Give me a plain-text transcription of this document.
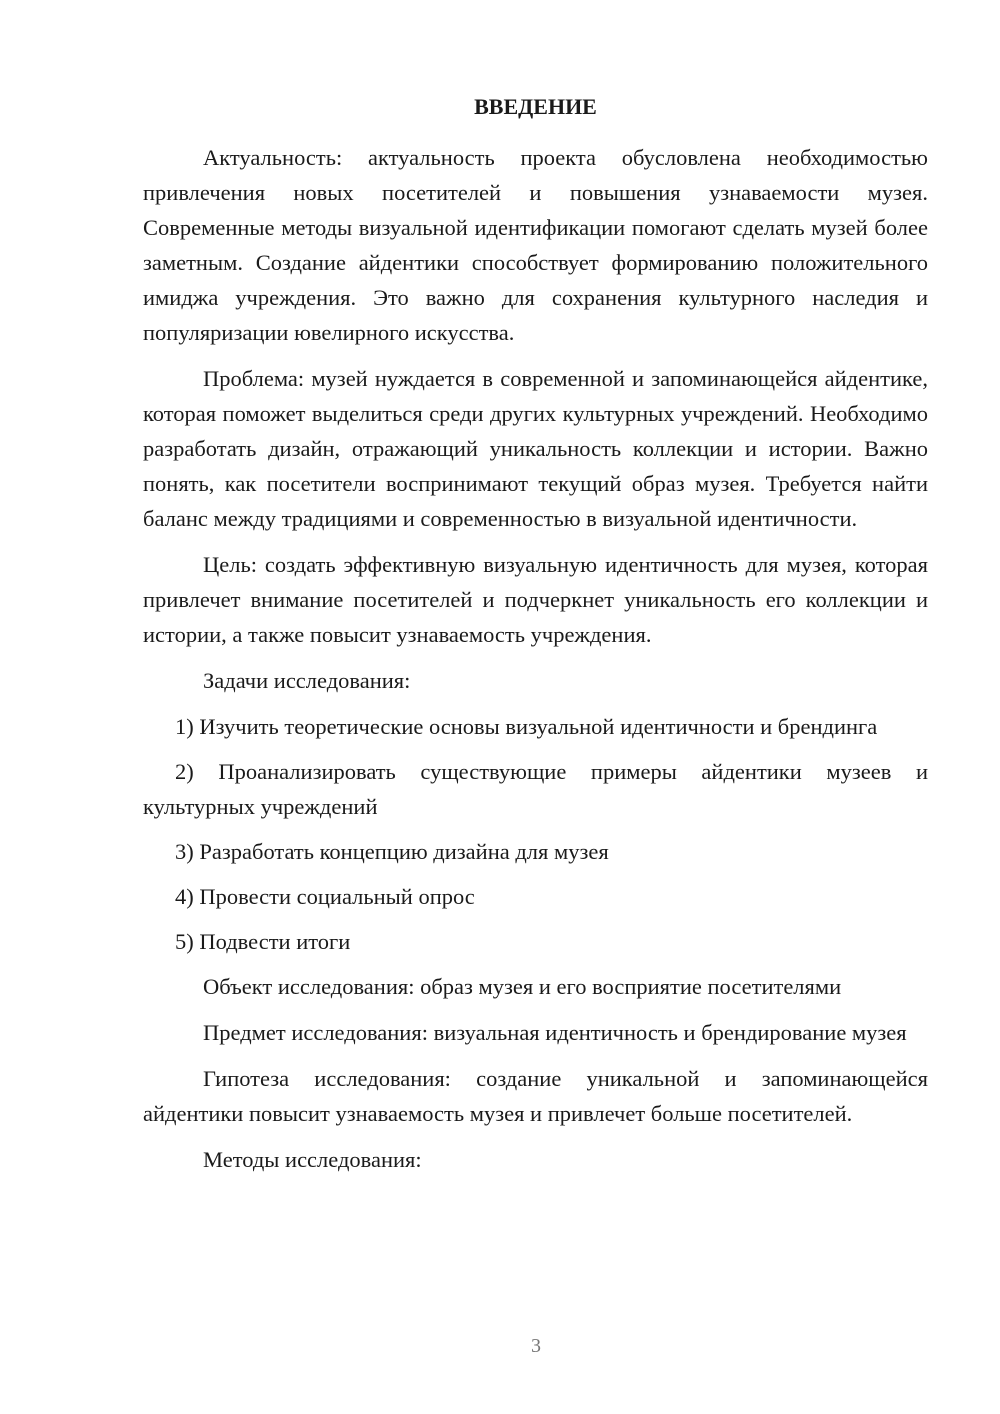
ВВЕДЕНИЕ

Актуальность: актуальность проекта обусловлена необходимостью привлечения новых посетителей и повышения узнаваемости музея. Современные методы визуальной идентификации помогают сделать музей более заметным. Создание айдентики способствует формированию положительного имиджа учреждения. Это важно для сохранения культурного наследия и популяризации ювелирного искусства.

Проблема: музей нуждается в современной и запоминающейся айдентике, которая поможет выделиться среди других культурных учреждений. Необходимо разработать дизайн, отражающий уникальность коллекции и истории. Важно понять, как посетители воспринимают текущий образ музея. Требуется найти баланс между традициями и современностью в визуальной идентичности.

Цель: создать эффективную визуальную идентичность для музея, которая привлечет внимание посетителей и подчеркнет уникальность его коллекции и истории, а также повысит узнаваемость учреждения.

Задачи исследования:

1) Изучить теоретические основы визуальной идентичности и брендинга

2) Проанализировать существующие примеры айдентики музеев и культурных учреждений

3) Разработать концепцию дизайна для музея

4) Провести социальный опрос

5) Подвести итоги

Объект исследования: образ музея и его восприятие посетителями

Предмет исследования: визуальная идентичность и брендирование музея

Гипотеза исследования: создание уникальной и запоминающейся айдентики повысит узнаваемость музея и привлечет больше посетителей.

Методы исследования:

3
